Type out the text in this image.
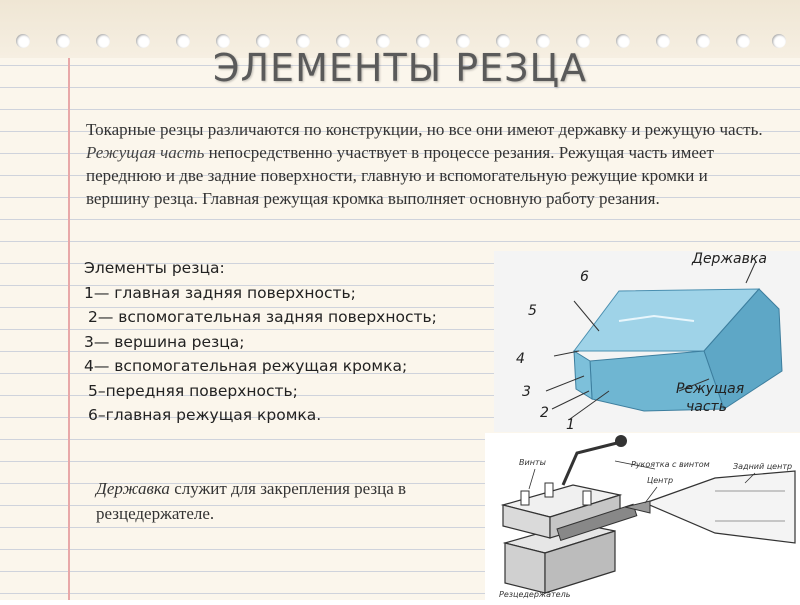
ЭЛЕМЕНТЫ РЕЗЦА
Токарные резцы различаются по конструкции, но все они имеют державку и режущую часть. Режущая часть непосредственно участвует в процессе резания. Режущая часть имеет переднюю и две задние поверхности, главную и вспомогательную режущие кромки и вершину резца. Главная режущая кромка выполняет основную работу резания.
Элементы резца:
1— главная задняя поверхность;
2— вспомогательная задняя поверхность;
3— вершина резца;
4— вспомогательная режущая кромка;
5–передняя поверхность;
6–главная режущая кромка.
Державка служит для закрепления резца в резцедержателе.
Державка
Режущая
часть
6
5
4
3
2
1
Винты	Рукоятка с винтом	Задний центр
Центр
Резцедержатель
